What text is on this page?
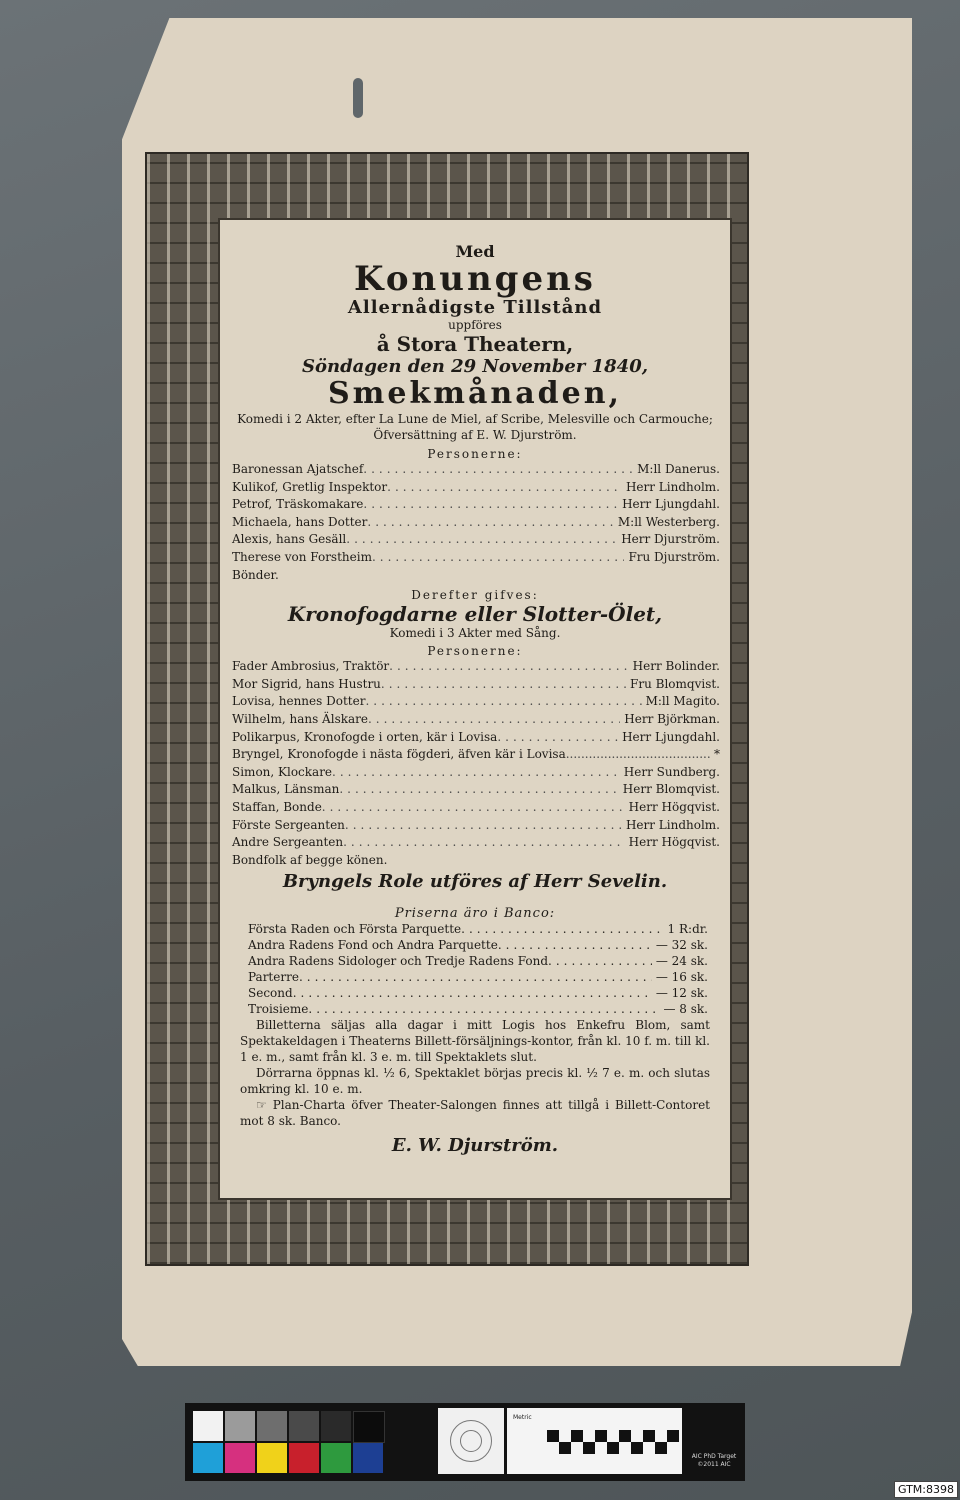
Med
Konungens
Allernådigste Tillstånd
uppföres
å Stora Theatern,
Söndagen den 29 November 1840,
Smekmånaden,
Komedi i 2 Akter, efter La Lune de Miel, af Scribe, Melesville och Carmouche; Öfversättning af E. W. Djurström.
Personerne:
Baronessan Ajatschef .....	M:ll Danerus.
Kulikof, Gretlig Inspektor .....	Herr Lindholm.
Petrof, Träskomakare .....	Herr Ljungdahl.
Michaela, hans Dotter .....	M:ll Westerberg.
Alexis, hans Gesäll .....	Herr Djurström.
Therese von Forstheim .....	Fru Djurström.
Bönder.
Derefter gifves:
Kronofogdarne eller Slotter-Ölet,
Komedi i 3 Akter med Sång.
Personerne:
Fader Ambrosius, Traktör .....	Herr Bolinder.
Mor Sigrid, hans Hustru .....	Fru Blomqvist.
Lovisa, hennes Dotter .....	M:ll Magito.
Wilhelm, hans Älskare .....	Herr Björkman.
Polikarpus, Kronofogde i orten, kär i Lovisa .....	Herr Ljungdahl.
Bryngel, Kronofogde i nästa fögderi, äfven kär i Lovisa .....	*
Simon, Klockare .....	Herr Sundberg.
Malkus, Länsman .....	Herr Blomqvist.
Staffan, Bonde .....	Herr Högqvist.
Förste Sergeanten .....	Herr Lindholm.
Andre Sergeanten .....	Herr Högqvist.
Bondfolk af begge könen.
Bryngels Role utföres af Herr Sevelin.
Priserna äro i Banco:
Första Raden och Första Parquette .....	1 R:dr.
Andra Radens Fond och Andra Parquette .....	— 32 sk.
Andra Radens Sidologer och Tredje Radens Fond .....	— 24 sk.
Parterre .....	— 16 sk.
Second .....	— 12 sk.
Troisieme .....	— 8 sk.

Billetterna säljas alla dagar i mitt Logis hos Enkefru Blom, samt Spektakeldagen i Theaterns Billett-försäljnings-kontor, från kl. 10 f. m. till kl. 1 e. m., samt från kl. 3 e. m. till Spektaklets slut.

Dörrarna öppnas kl. ½ 6, Spektaklet börjas precis kl. ½ 7 e. m. och slutas omkring kl. 10 e. m.

☞ Plan-Charta öfver Theater-Salongen finnes att tillgå i Billett-Contoret mot 8 sk. Banco.

E. W. Djurström.
Metric
AIC PhD Target
©2011 AIC
GTM:8398
